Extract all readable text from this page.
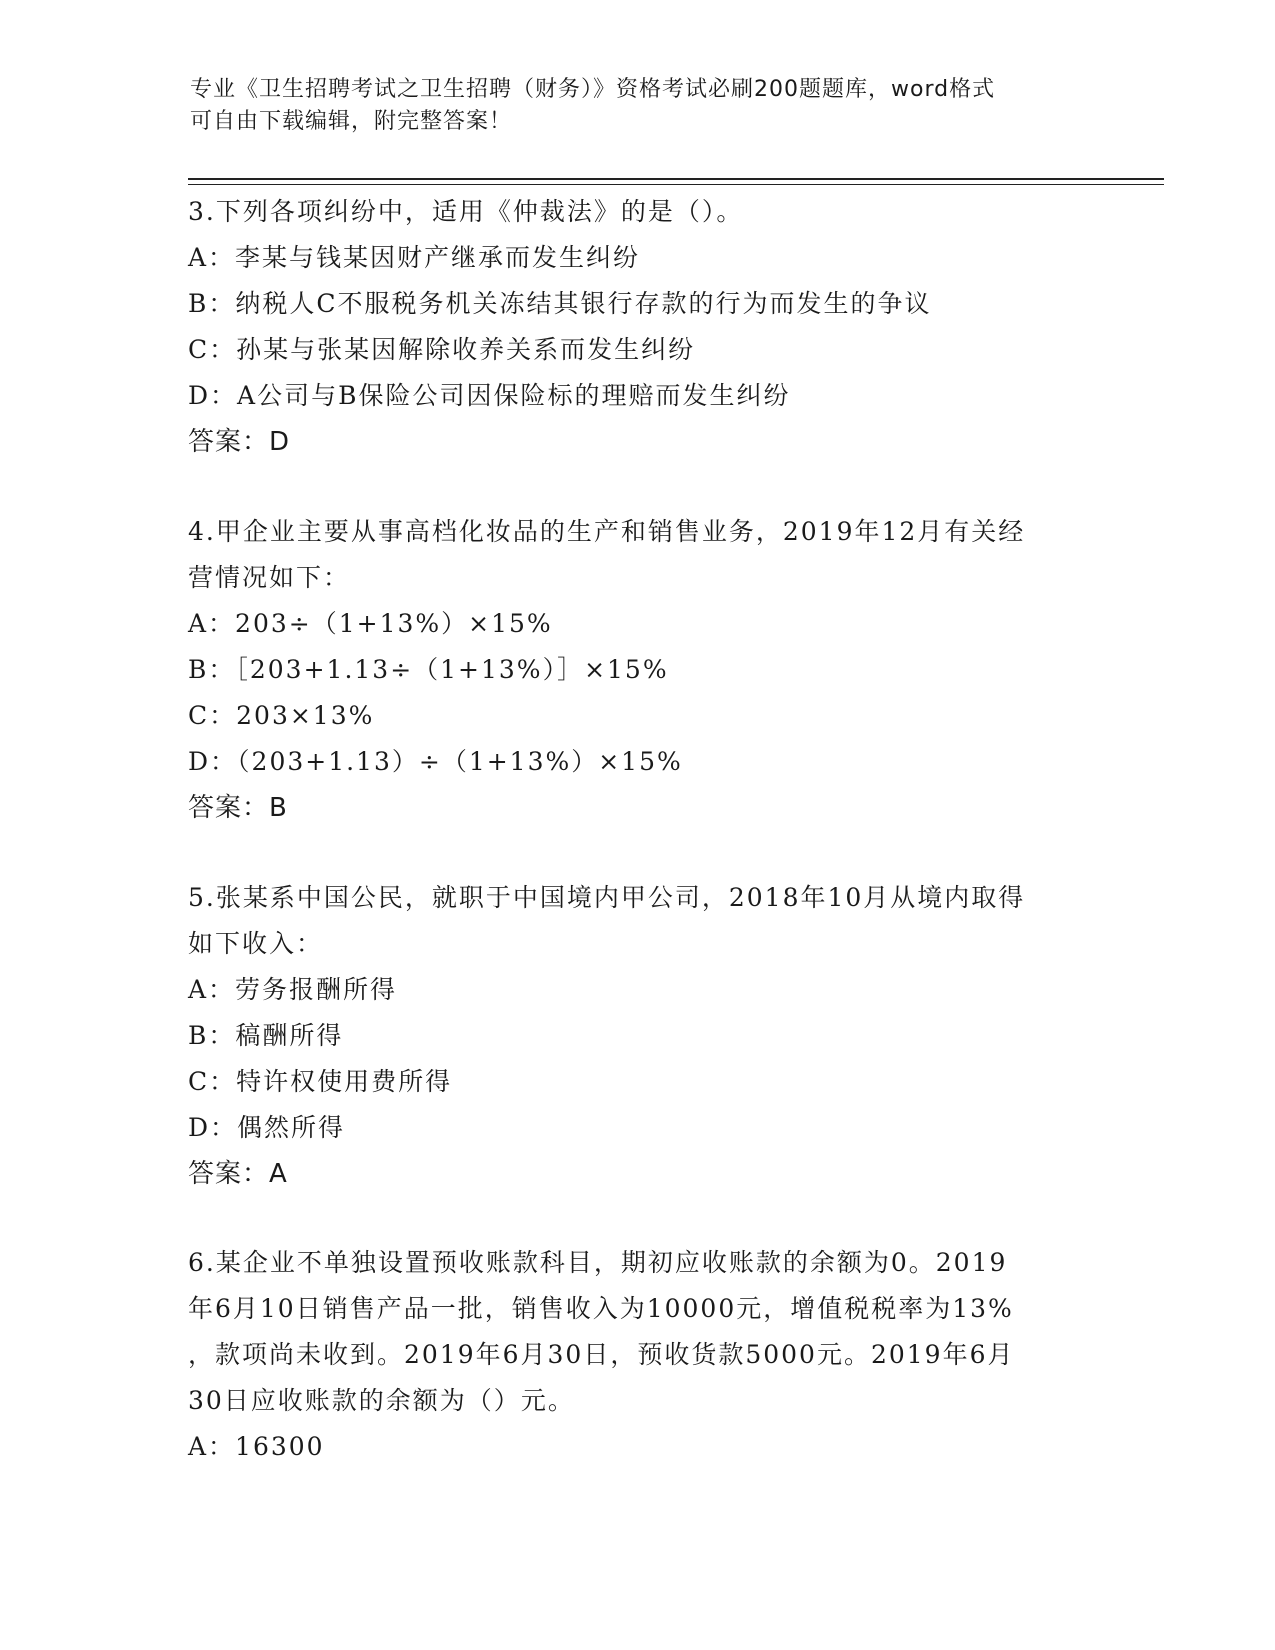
专业《卫生招聘考试之卫生招聘（财务）》资格考试必刷200题题库，word格式
可自由下载编辑，附完整答案！
3.下列各项纠纷中，适用《仲裁法》的是（）。
A：李某与钱某因财产继承而发生纠纷
B：纳税人C不服税务机关冻结其银行存款的行为而发生的争议
C：孙某与张某因解除收养关系而发生纠纷
D：A公司与B保险公司因保险标的理赔而发生纠纷
答案：D
4.甲企业主要从事高档化妆品的生产和销售业务，2019年12月有关经
营情况如下：
A：203÷（1+13%）×15%
B：［203+1.13÷（1+13%）］×15%
C：203×13%
D：（203+1.13）÷（1+13%）×15%
答案：B
5.张某系中国公民，就职于中国境内甲公司，2018年10月从境内取得
如下收入：
A：劳务报酬所得
B：稿酬所得
C：特许权使用费所得
D：偶然所得
答案：A
6.某企业不单独设置预收账款科目，期初应收账款的余额为0。2019
年6月10日销售产品一批，销售收入为10000元，增值税税率为13%
，款项尚未收到。2019年6月30日，预收货款5000元。2019年6月
30日应收账款的余额为（）元。
A：16300
